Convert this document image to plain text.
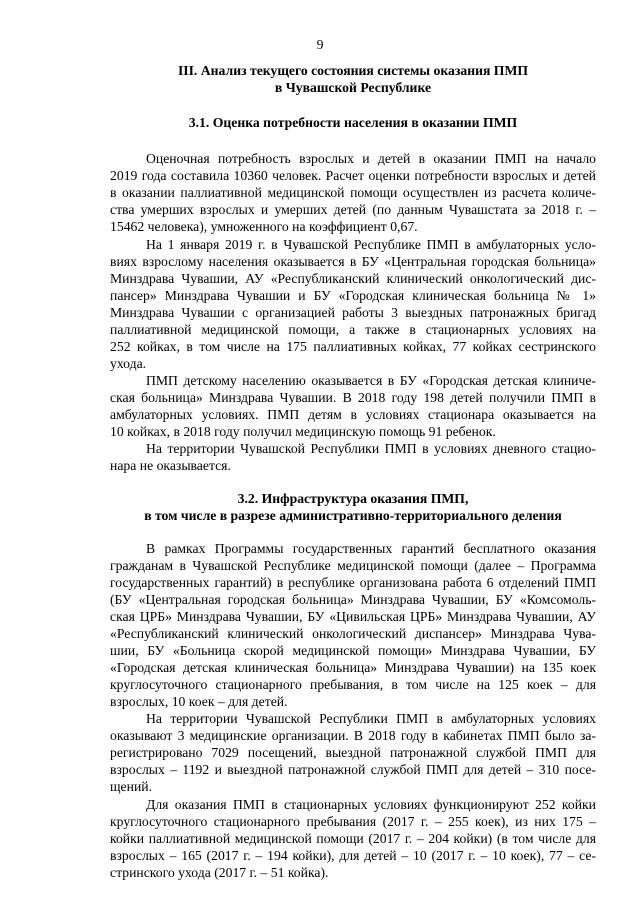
9
III. Анализ текущего состояния системы оказания ПМП
в Чувашской Республике
3.1. Оценка потребности населения в оказании ПМП
Оценочная потребность взрослых и детей в оказании ПМП на начало
2019 года составила 10360 человек. Расчет оценки потребности взрослых и детей
в оказании паллиативной медицинской помощи осуществлен из расчета количе-
ства умерших взрослых и умерших детей (по данным Чувашстата за 2018 г. –
15462 человека), умноженного на коэффициент 0,67.
На 1 января 2019 г. в Чувашской Республике ПМП в амбулаторных усло-
виях взрослому населения оказывается в БУ «Центральная городская больница»
Минздрава Чувашии, АУ «Республиканский клинический онкологический дис-
пансер» Минздрава Чувашии и БУ «Городская клиническая больница № 1»
Минздрава Чувашии с организацией работы 3 выездных патронажных бригад
паллиативной медицинской помощи, а также в стационарных условиях на
252 койках, в том числе на 175 паллиативных койках, 77 койках сестринского
ухода.
ПМП детскому населению оказывается в БУ «Городская детская клиниче-
ская больница» Минздрава Чувашии. В 2018 году 198 детей получили ПМП в
амбулаторных условиях. ПМП детям в условиях стационара оказывается на
10 койках, в 2018 году получил медицинскую помощь 91 ребенок.
На территории Чувашской Республики ПМП в условиях дневного стацио-
нара не оказывается.
3.2. Инфраструктура оказания ПМП,
в том числе в разрезе административно-территориального деления
В рамках Программы государственных гарантий бесплатного оказания
гражданам в Чувашской Республике медицинской помощи (далее – Программа
государственных гарантий) в республике организована работа 6 отделений ПМП
(БУ «Центральная городская больница» Минздрава Чувашии, БУ «Комсомоль-
ская ЦРБ» Минздрава Чувашии, БУ «Цивильская ЦРБ» Минздрава Чувашии, АУ
«Республиканский клинический онкологический диспансер» Минздрава Чува-
шии, БУ «Больница скорой медицинской помощи» Минздрава Чувашии, БУ
«Городская детская клиническая больница» Минздрава Чувашии) на 135 коек
круглосуточного стационарного пребывания, в том числе на 125 коек – для
взрослых, 10 коек – для детей.
На территории Чувашской Республики ПМП в амбулаторных условиях
оказывают 3 медицинские организации. В 2018 году в кабинетах ПМП было за-
регистрировано 7029 посещений, выездной патронажной службой ПМП для
взрослых – 1192 и выездной патронажной службой ПМП для детей – 310 посе-
щений.
Для оказания ПМП в стационарных условиях функционируют 252 койки
круглосуточного стационарного пребывания (2017 г. – 255 коек), из них 175 –
койки паллиативной медицинской помощи (2017 г. – 204 койки) (в том числе для
взрослых – 165 (2017 г. – 194 койки), для детей – 10 (2017 г. – 10 коек), 77 – се-
стринского ухода (2017 г. – 51 койка).
